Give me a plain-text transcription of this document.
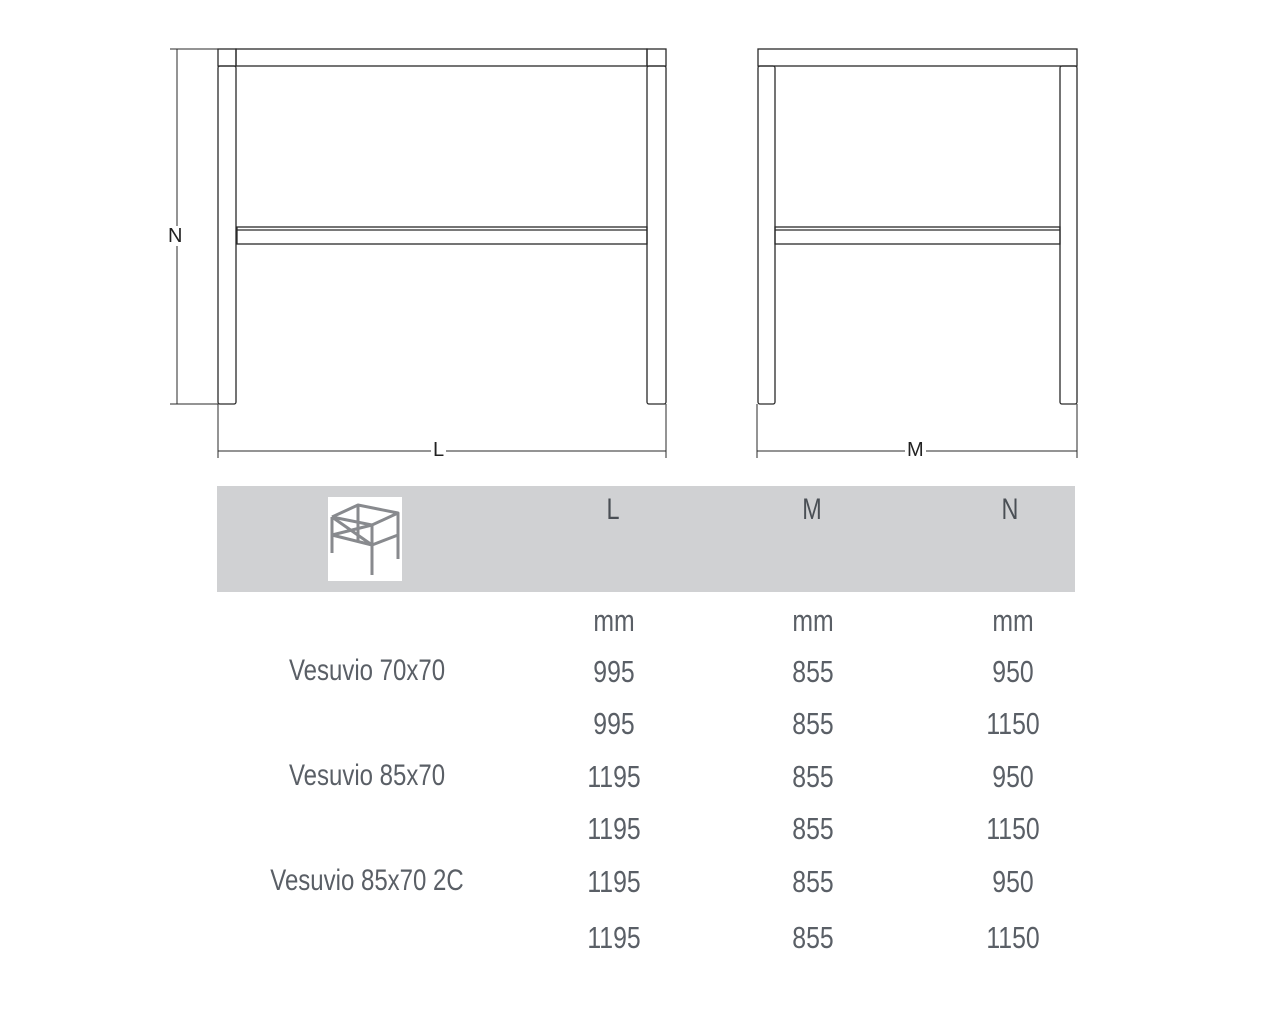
N
L	M
L	M	N
mm	mm	mm
Vesuvio 70x70	995	855	950
995	855	1150
Vesuvio 85x70	1195	855	950
1195	855	1150
Vesuvio 85x70 2C	1195	855	950
1195	855	1150
